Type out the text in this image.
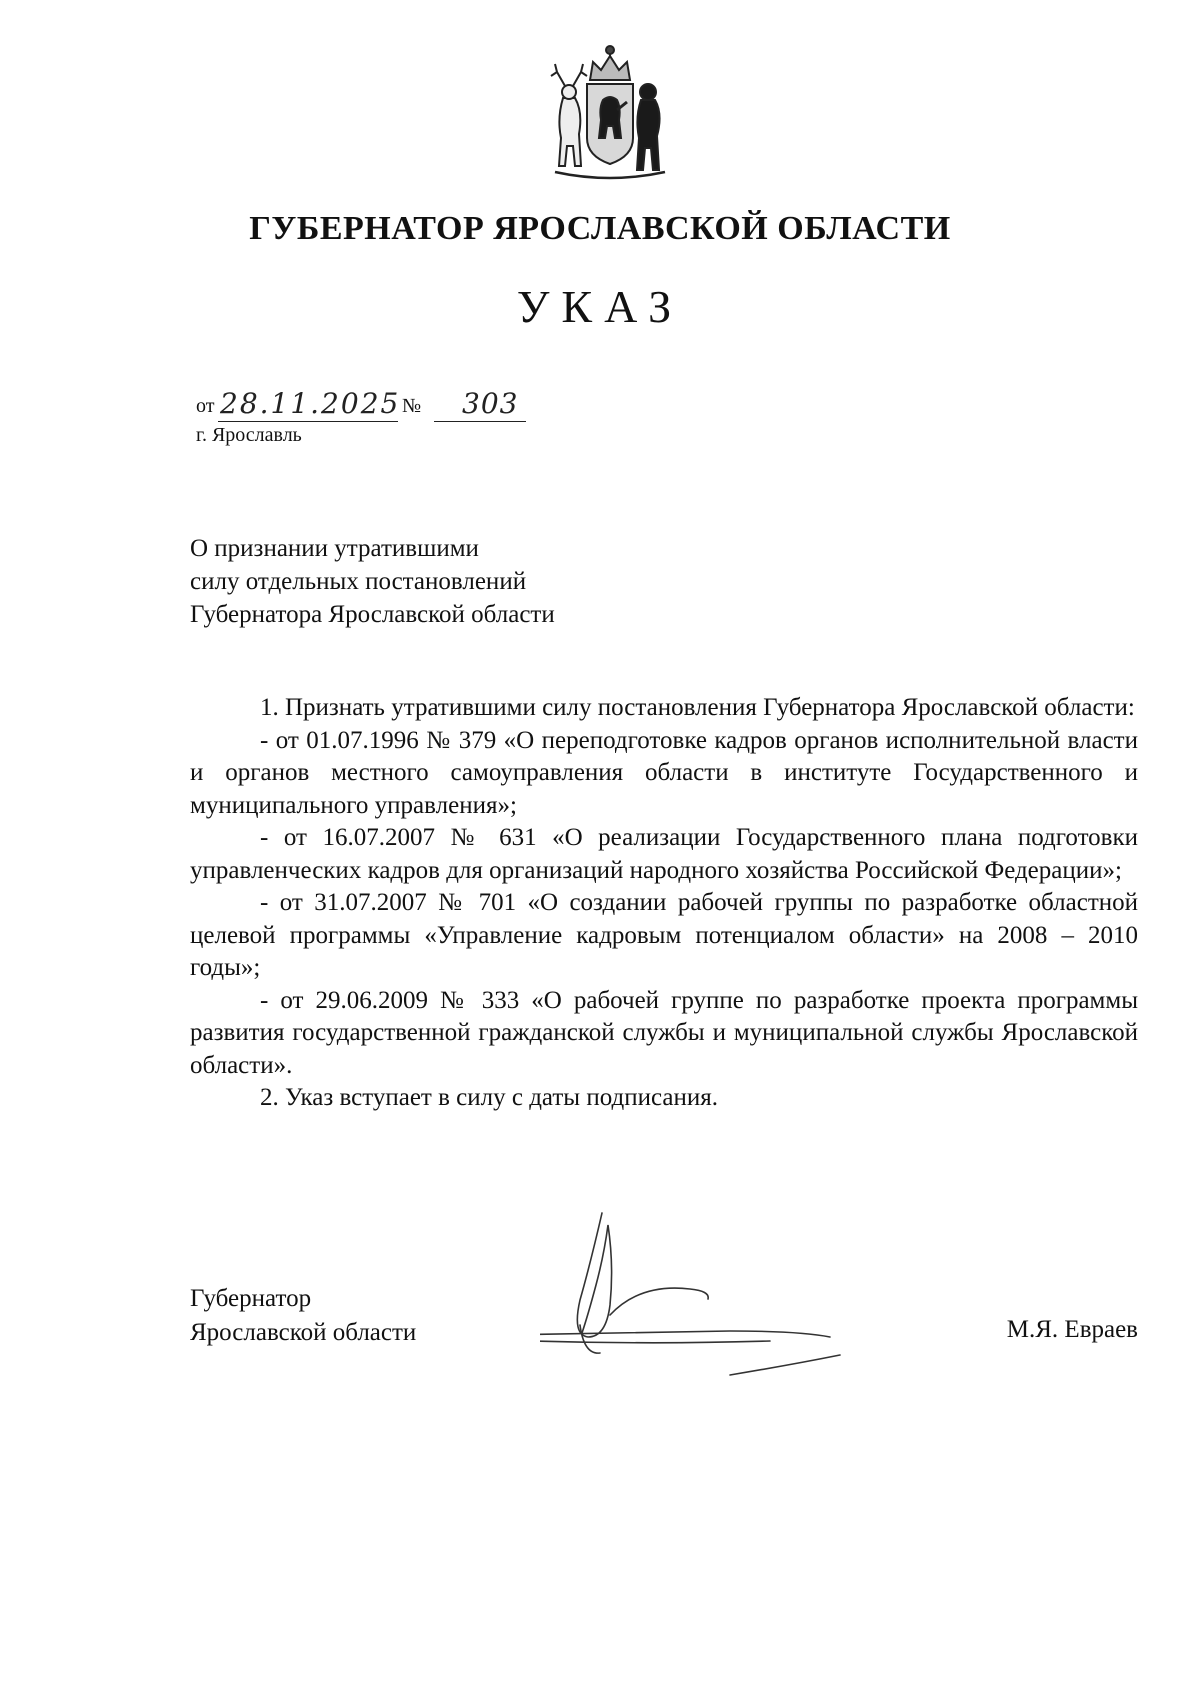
ГУБЕРНАТОР ЯРОСЛАВСКОЙ ОБЛАСТИ
УКАЗ
от 28.11.2025 № 303
г. Ярославль
О признании утратившими
силу отдельных постановлений
Губернатора Ярославской области

1. Признать утратившими силу постановления Губернатора Ярославской области:

- от 01.07.1996 № 379 «О переподготовке кадров органов исполнительной власти и органов местного самоуправления области в институте Государственного и муниципального управления»;

- от 16.07.2007 № 631 «О реализации Государственного плана подготовки управленческих кадров для организаций народного хозяйства Российской Федерации»;

- от 31.07.2007 № 701 «О создании рабочей группы по разработке областной целевой программы «Управление кадровым потенциалом области» на 2008 – 2010 годы»;

- от 29.06.2009 № 333 «О рабочей группе по разработке проекта программы развития государственной гражданской службы и муниципальной службы Ярославской области».

2. Указ вступает в силу с даты подписания.

Губернатор
Ярославской области	М.Я. Евраев
